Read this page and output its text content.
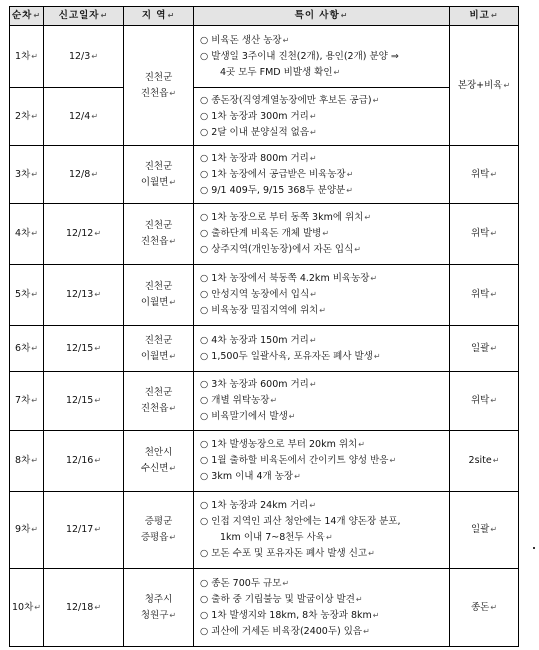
순차 ↵	신고일자 ↵	지 역 ↵	특이 사항 ↵	비고 ↵
1차 ↵	12/3 ↵	진천군
진천읍 ↵	○ 비육돈 생산 농장 ↵
○ 발생일 3주이내 진천(2개), 용인(2개) 분양 ⇒
4곳 모두 FMD 비발생 확인 ↵	본장+비육 ↵
2차 ↵	12/4 ↵		○ 종돈장(직영계열농장에만 후보돈 공급) ↵
○ 1차 농장과 300m 거리 ↵
○ 2달 이내 분양실적 없음 ↵

3차 ↵	12/8 ↵	진천군
이월면 ↵	○ 1차 농장과 800m 거리 ↵
○ 1차 농장에서 공급받은 비육농장 ↵
○ 9/1 409두, 9/15 368두 분양분 ↵	위탁 ↵
4차 ↵	12/12 ↵	진천군
진천읍 ↵	○ 1차 농장으로 부터 동쪽 3km에 위치 ↵
○ 출하단계 비육돈 개체 발병 ↵
○ 상주지역(개인농장)에서 자돈 입식 ↵	위탁 ↵
5차 ↵	12/13 ↵	진천군
이월면 ↵	○ 1차 농장에서 북동쪽 4.2km 비육농장 ↵
○ 안성지역 농장에서 입식 ↵
○ 비육농장 밀집지역에 위치 ↵	위탁 ↵
6차 ↵	12/15 ↵	진천군
이월면 ↵	○ 4차 농장과 150m 거리 ↵
○ 1,500두 일괄사육, 포유자돈 폐사 발생 ↵	일괄 ↵
7차 ↵	12/15 ↵	진천군
진천읍 ↵	○ 3차 농장과 600m 거리 ↵
○ 개별 위탁농장 ↵
○ 비육말기에서 발생 ↵	위탁 ↵
8차 ↵	12/16 ↵	천안시
수신면 ↵	○ 1차 발생농장으로 부터 20km 위치 ↵
○ 1월 출하할 비육돈에서 간이키트 양성 반응 ↵
○ 3km 이내 4개 농장 ↵	2site ↵
9차 ↵	12/17 ↵	증평군
증평읍 ↵	○ 1차 농장과 24km 거리 ↵
○ 인접 지역인 괴산 청안에는 14개 양돈장 분포,
1km 이내 7~8천두 사육 ↵
○ 모돈 수포 및 포유자돈 폐사 발생 신고 ↵	일괄 ↵
10차 ↵	12/18 ↵	청주시
청원구 ↵	○ 종돈 700두 규모 ↵
○ 출하 중 기립불능 및 발굽이상 발견 ↵
○ 1차 발생지와 18km, 8차 농장과 8km ↵
○ 괴산에 거세돈 비육장(2400두) 있음 ↵	종돈 ↵
